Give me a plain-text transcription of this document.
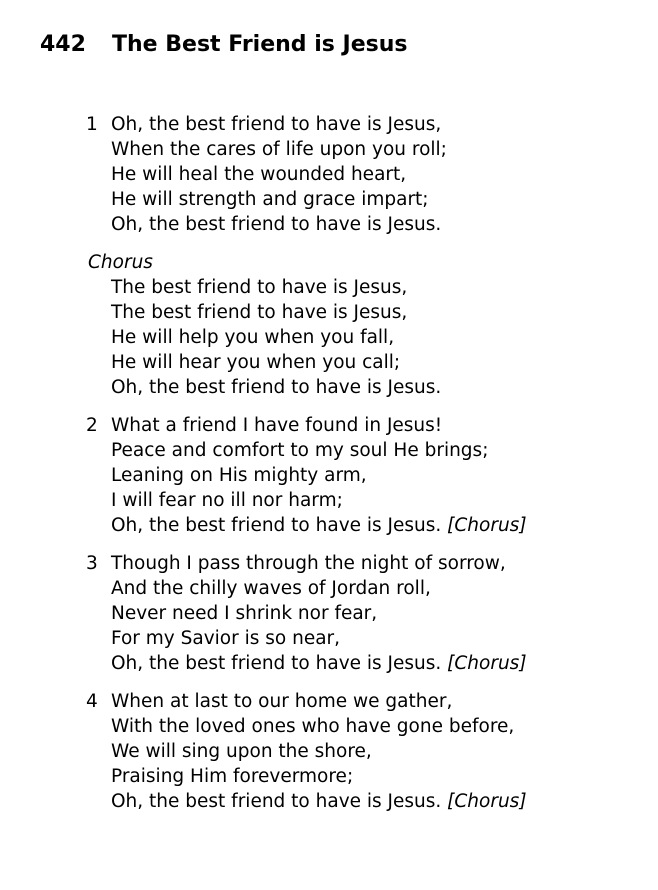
442 The Best Friend is Jesus
1 Oh, the best friend to have is Jesus,
When the cares of life upon you roll;
He will heal the wounded heart,
He will strength and grace impart;
Oh, the best friend to have is Jesus.
Chorus
The best friend to have is Jesus,
The best friend to have is Jesus,
He will help you when you fall,
He will hear you when you call;
Oh, the best friend to have is Jesus.
2 What a friend I have found in Jesus!
Peace and comfort to my soul He brings;
Leaning on His mighty arm,
I will fear no ill nor harm;
Oh, the best friend to have is Jesus. [Chorus]
3 Though I pass through the night of sorrow,
And the chilly waves of Jordan roll,
Never need I shrink nor fear,
For my Savior is so near,
Oh, the best friend to have is Jesus. [Chorus]
4 When at last to our home we gather,
With the loved ones who have gone before,
We will sing upon the shore,
Praising Him forevermore;
Oh, the best friend to have is Jesus. [Chorus]
